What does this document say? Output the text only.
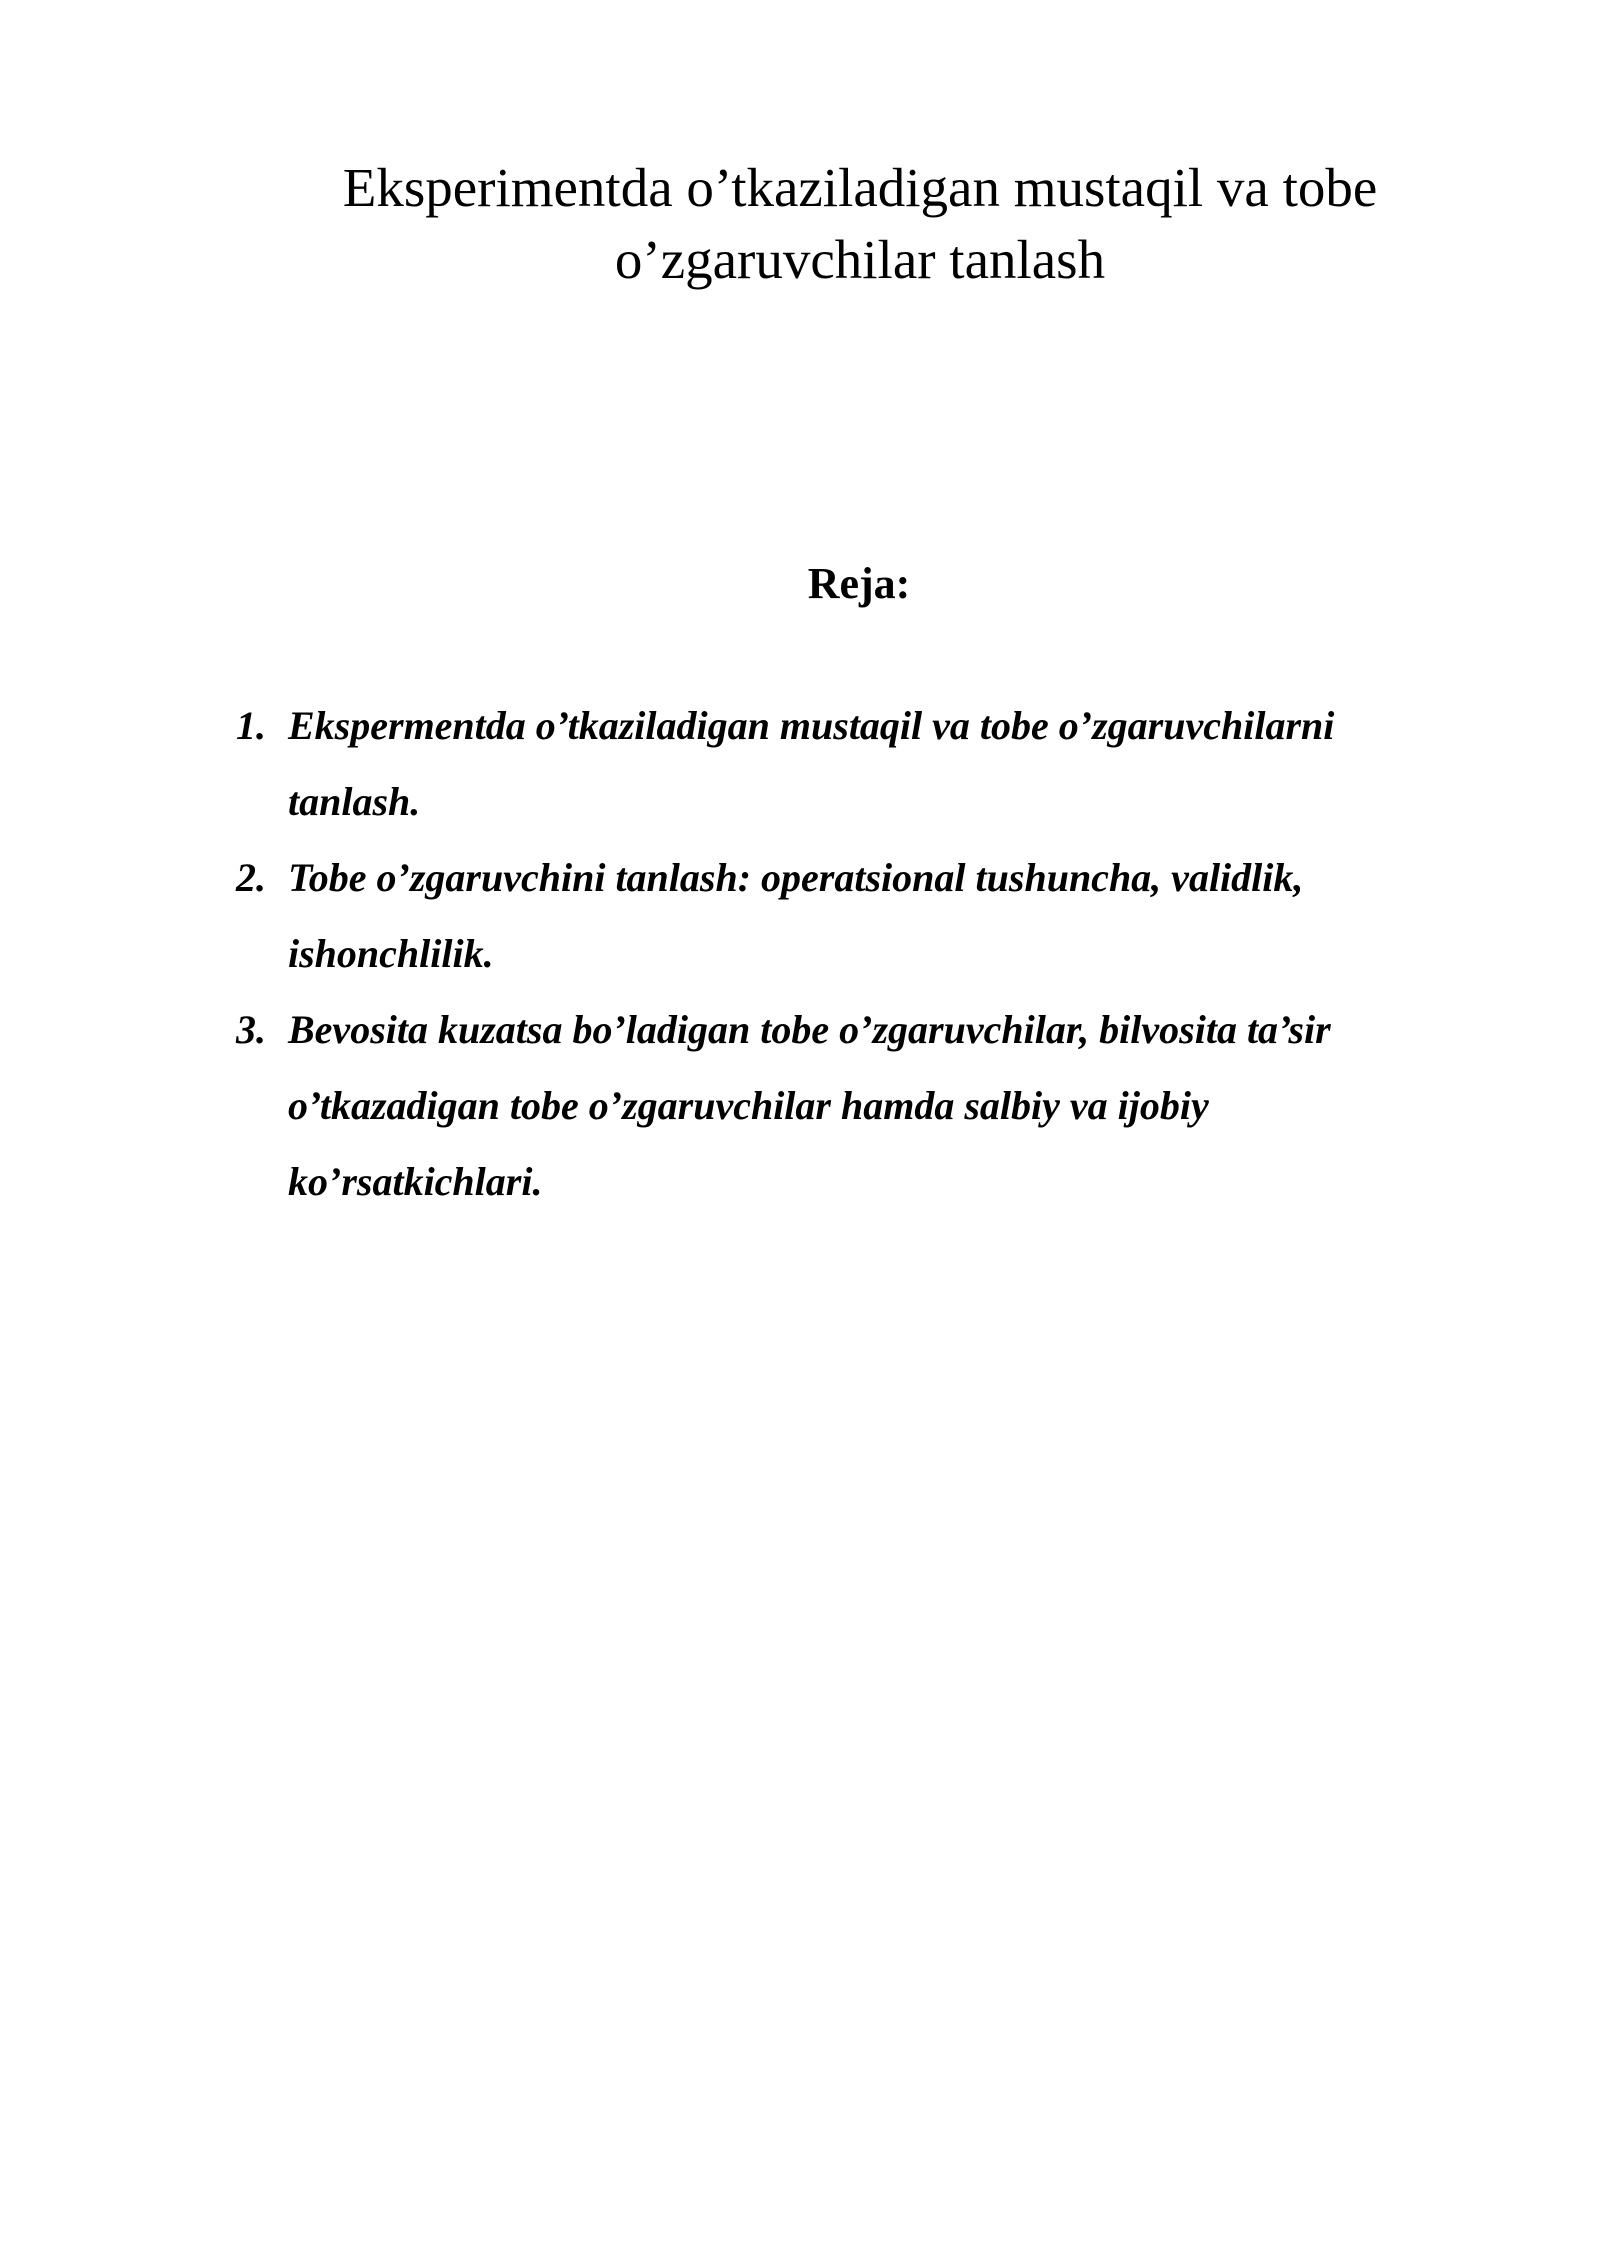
Eksperimentda o’tkaziladigan mustaqil va tobe
o’zgaruvchilar tanlash
Reja:
1. Ekspermentda o’tkaziladigan mustaqil va tobe o’zgaruvchilarni
tanlash.
2. Tobe o’zgaruvchini tanlash: operatsional tushuncha, validlik,
ishonchlilik.
3. Bevosita kuzatsa bo’ladigan tobe o’zgaruvchilar, bilvosita ta’sir
o’tkazadigan tobe o’zgaruvchilar hamda salbiy va ijobiy
ko’rsatkichlari.
